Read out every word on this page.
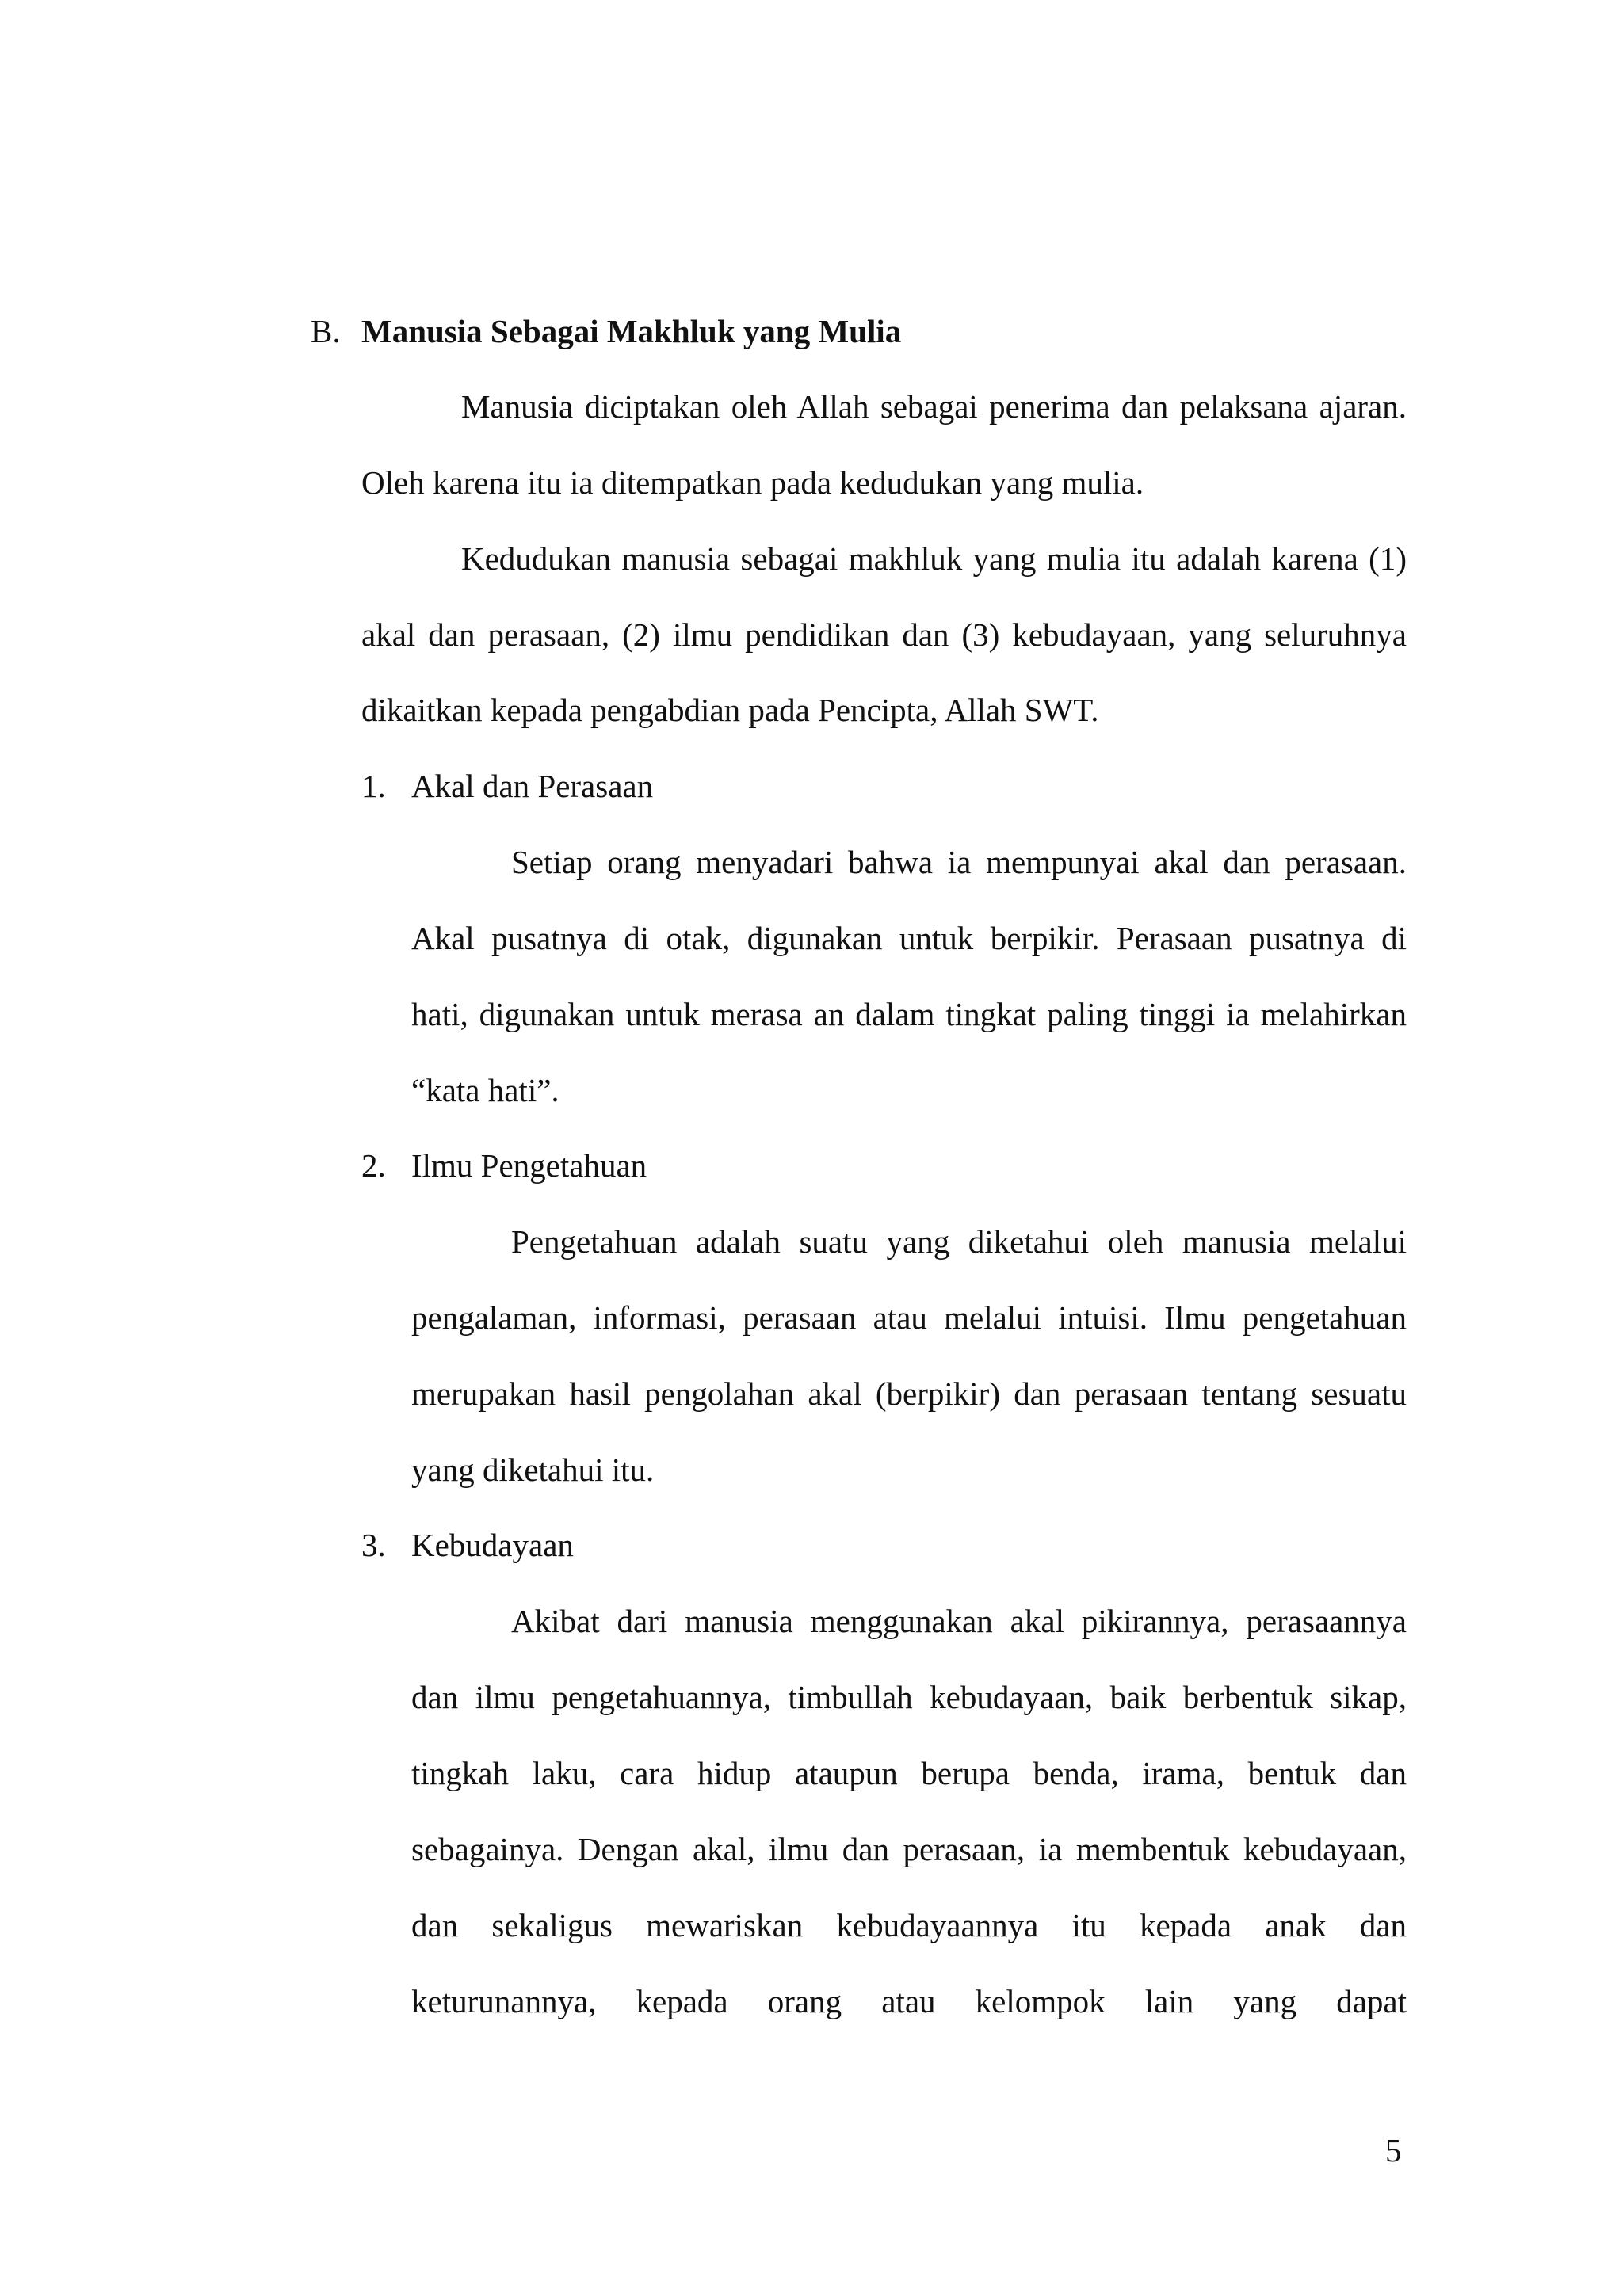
B. Manusia Sebagai Makhluk yang Mulia
Manusia diciptakan oleh Allah sebagai penerima dan pelaksana ajaran.
Oleh karena itu ia ditempatkan pada kedudukan yang mulia.
Kedudukan manusia sebagai makhluk yang mulia itu adalah karena (1)
akal dan perasaan, (2) ilmu pendidikan dan (3) kebudayaan, yang seluruhnya
dikaitkan kepada pengabdian pada Pencipta, Allah SWT.
1. Akal dan Perasaan
Setiap orang menyadari bahwa ia mempunyai akal dan perasaan.
Akal pusatnya di otak, digunakan untuk berpikir. Perasaan pusatnya di
hati, digunakan untuk merasa an dalam tingkat paling tinggi ia melahirkan
“kata hati”.
2. Ilmu Pengetahuan
Pengetahuan adalah suatu yang diketahui oleh manusia melalui
pengalaman, informasi, perasaan atau melalui intuisi. Ilmu pengetahuan
merupakan hasil pengolahan akal (berpikir) dan perasaan tentang sesuatu
yang diketahui itu.
3. Kebudayaan
Akibat dari manusia menggunakan akal pikirannya, perasaannya
dan ilmu pengetahuannya, timbullah kebudayaan, baik berbentuk sikap,
tingkah laku, cara hidup ataupun berupa benda, irama, bentuk dan
sebagainya. Dengan akal, ilmu dan perasaan, ia membentuk kebudayaan,
dan sekaligus mewariskan kebudayaannya itu kepada anak dan
keturunannya, kepada orang atau kelompok lain yang dapat
5
